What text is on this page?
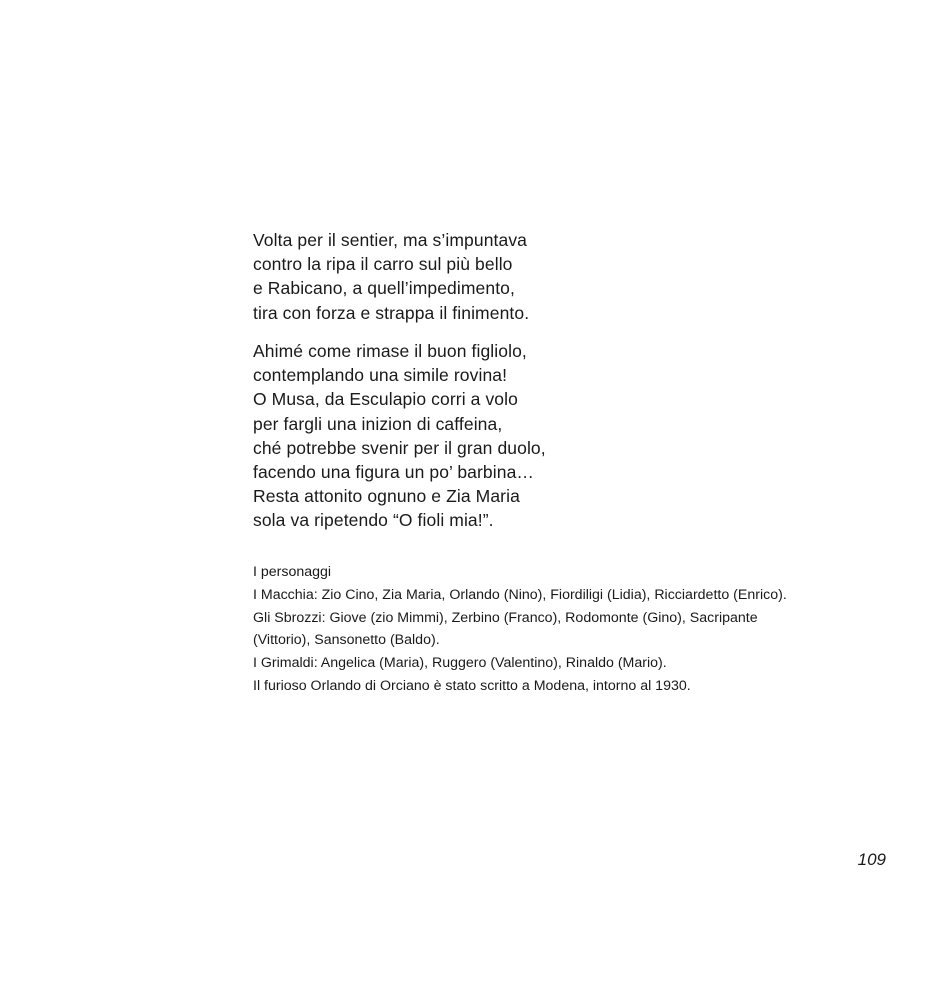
Volta per il sentier, ma s’impuntava
contro la ripa il carro sul più bello
e Rabicano, a quell’impedimento,
tira con forza e strappa il finimento.
Ahimé come rimase il buon figliolo,
contemplando una simile rovina!
O Musa, da Esculapio corri a volo
per fargli una inizion di caffeina,
ché potrebbe svenir per il gran duolo,
facendo una figura un po’ barbina…
Resta attonito ognuno e Zia Maria
sola va ripetendo “O fioli mia!”.
I personaggi
I Macchia: Zio Cino, Zia Maria, Orlando (Nino), Fiordiligi (Lidia), Ricciardetto (Enrico).
Gli Sbrozzi: Giove (zio Mimmi), Zerbino (Franco), Rodomonte (Gino), Sacripante
(Vittorio), Sansonetto (Baldo).
I Grimaldi: Angelica (Maria), Ruggero (Valentino), Rinaldo (Mario).
Il furioso Orlando di Orciano è stato scritto a Modena, intorno al 1930.
109
